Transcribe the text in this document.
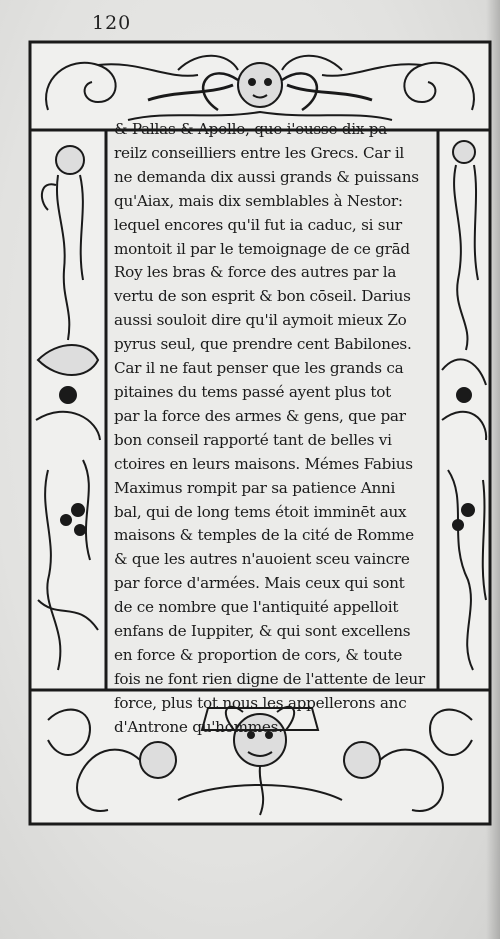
120
& Pallas & Apollo, que i'eusse dix pa
reilz conseilliers entre les Grecs. Car il
ne demanda dix aussi grands & puissans
qu'Aiax, mais dix semblables à Nestor:
lequel encores qu'il fut ia caduc, si sur
montoit il par le temoignage de ce grād
Roy les bras & force des autres par la
vertu de son esprit & bon cōseil. Darius
aussi souloit dire qu'il aymoit mieux Zo
pyrus seul, que prendre cent Babilones.
Car il ne faut penser que les grands ca
pitaines du tems passé ayent plus tot
par la force des armes & gens, que par
bon conseil rapporté tant de belles vi
ctoires en leurs maisons. Mémes Fabius
Maximus rompit par sa patience Anni
bal, qui de long tems étoit imminēt aux
maisons & temples de la cité de Romme
& que les autres n'auoient sceu vaincre
par force d'armées. Mais ceux qui sont
de ce nombre que l'antiquité appelloit
enfans de Iuppiter, & qui sont excellens
en force & proportion de cors, & toute
fois ne font rien digne de l'attente de leur
force, plus tot nous les appellerons anc
d'Antrone qu'hommes.
